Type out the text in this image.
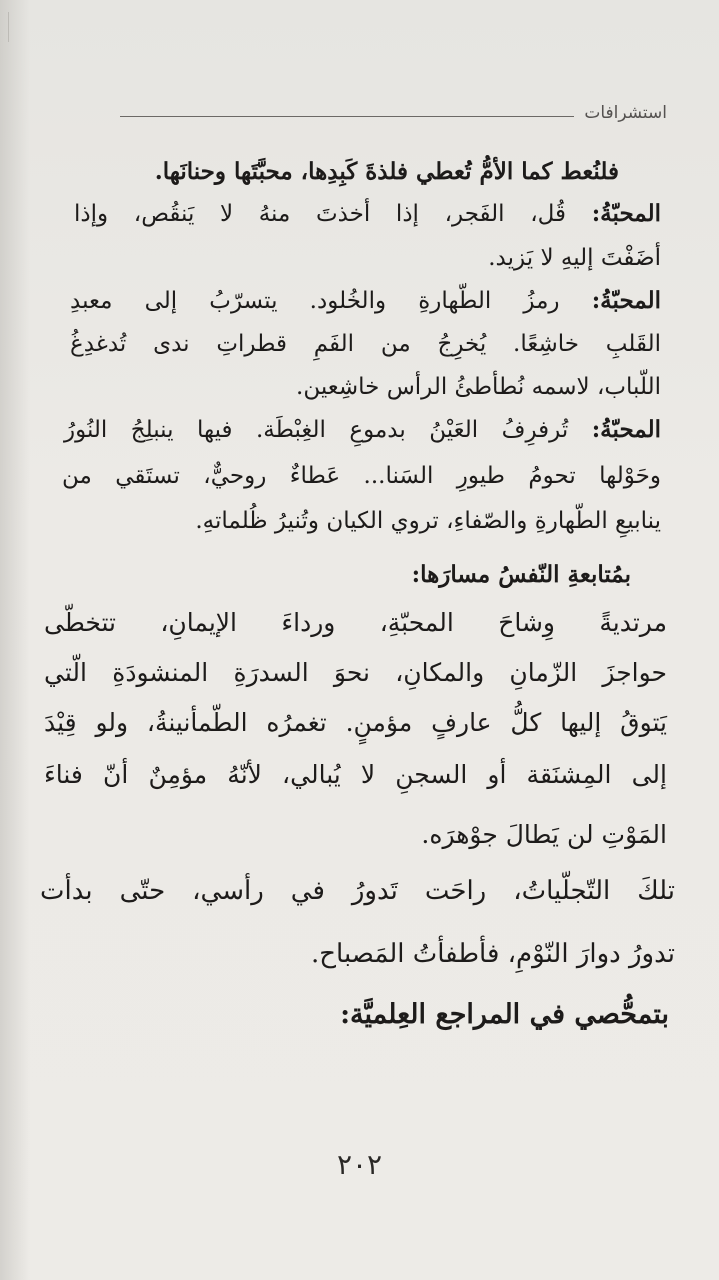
استشرافات
فلنُعط كما الأمُّ تُعطي فلذةَ كَبِدِها، محبَّتَها وحنانَها.
المحبّةُ: قُل، الفَجر، إذا أخذتَ منهُ لا يَنقُص، وإذا
أضَفْتَ إليهِ لا يَزيد.
المحبّةُ: رمزُ الطّهارةِ والخُلود. يتسرّبُ إلى معبدِ
القَلبِ خاشِعًا. يُخرِجُ من الفَمِ قطراتِ ندى تُدغدِغُ
اللّباب، لاسمه نُطأطئُ الرأس خاشِعين.
المحبّةُ: تُرفرِفُ العَيْنُ بدموعِ الغِبْطَة. فيها ينبلِجُ النُورُ
وحَوْلها تحومُ طيورِ السَنا... عَطاءٌ روحيٌّ، تستَقي من
ينابيعِ الطّهارةِ والصّفاءِ، تروي الكيان وتُنيرُ ظُلماتهِ.
بمُتابعةِ النّفسُ مسارَها:
مرتديةً وِشاحَ المحبّةِ، ورداءَ الإيمانِ، تتخطّى
حواجزَ الزّمانِ والمكانِ، نحوَ السدرَةِ المنشودَةِ الّتي
يَتوقُ إليها كلُّ عارفٍ مؤمنٍ. تغمرُه الطّمأنينةُ، ولو قِيْدَ
إلى المِشنَقة أو السجنِ لا يُبالي، لأنّهُ مؤمِنٌ أنّ فناءَ
المَوْتِ لن يَطالَ جوْهرَه.
تلكَ التّجلّياتُ، راحَت تَدورُ في رأسي، حتّى بدأت
تدورُ دوارَ النّوْمِ، فأطفأتُ المَصباح.
بتمحُّصي في المراجع العِلميَّة:
٢٠٢
